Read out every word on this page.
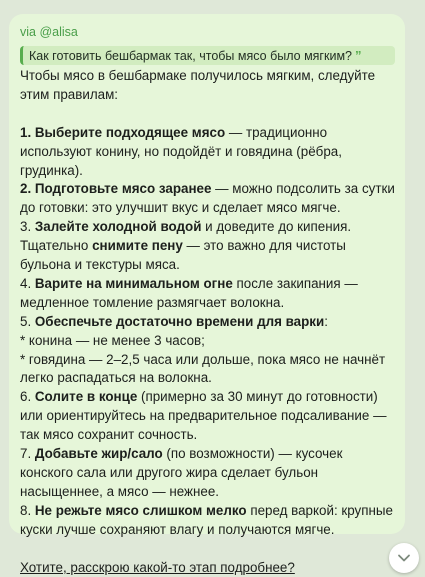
via @alisa
Как готовить бешбармак так, чтобы мясо было мягким? ”

Чтобы мясо в бешбармаке получилось мягким, следуйте этим правилам:

1. Выберите подходящее мясо — традиционно используют конину, но подойдёт и говядина (рёбра, грудинка).

2. Подготовьте мясо заранее — можно подсолить за сутки до готовки: это улучшит вкус и сделает мясо мягче.

3. Залейте холодной водой и доведите до кипения. Тщательно снимите пену — это важно для чистоты бульона и текстуры мяса.

4. Варите на минимальном огне после закипания — медленное томление размягчает волокна.

5. Обеспечьте достаточно времени для варки:

* конина — не менее 3 часов;

* говядина — 2–2,5 часа или дольше, пока мясо не начнёт легко распадаться на волокна.

6. Солите в конце (примерно за 30 минут до готовности) или ориентируйтесь на предварительное подсаливание — так мясо сохранит сочность.

7. Добавьте жир/сало (по возможности) — кусочек конского сала или другого жира сделает бульон насыщеннее, а мясо — нежнее.

8. Не режьте мясо слишком мелко перед варкой: крупные куски лучше сохраняют влагу и получаются мягче.

Хотите, расскрою какой-то этап подробнее?
